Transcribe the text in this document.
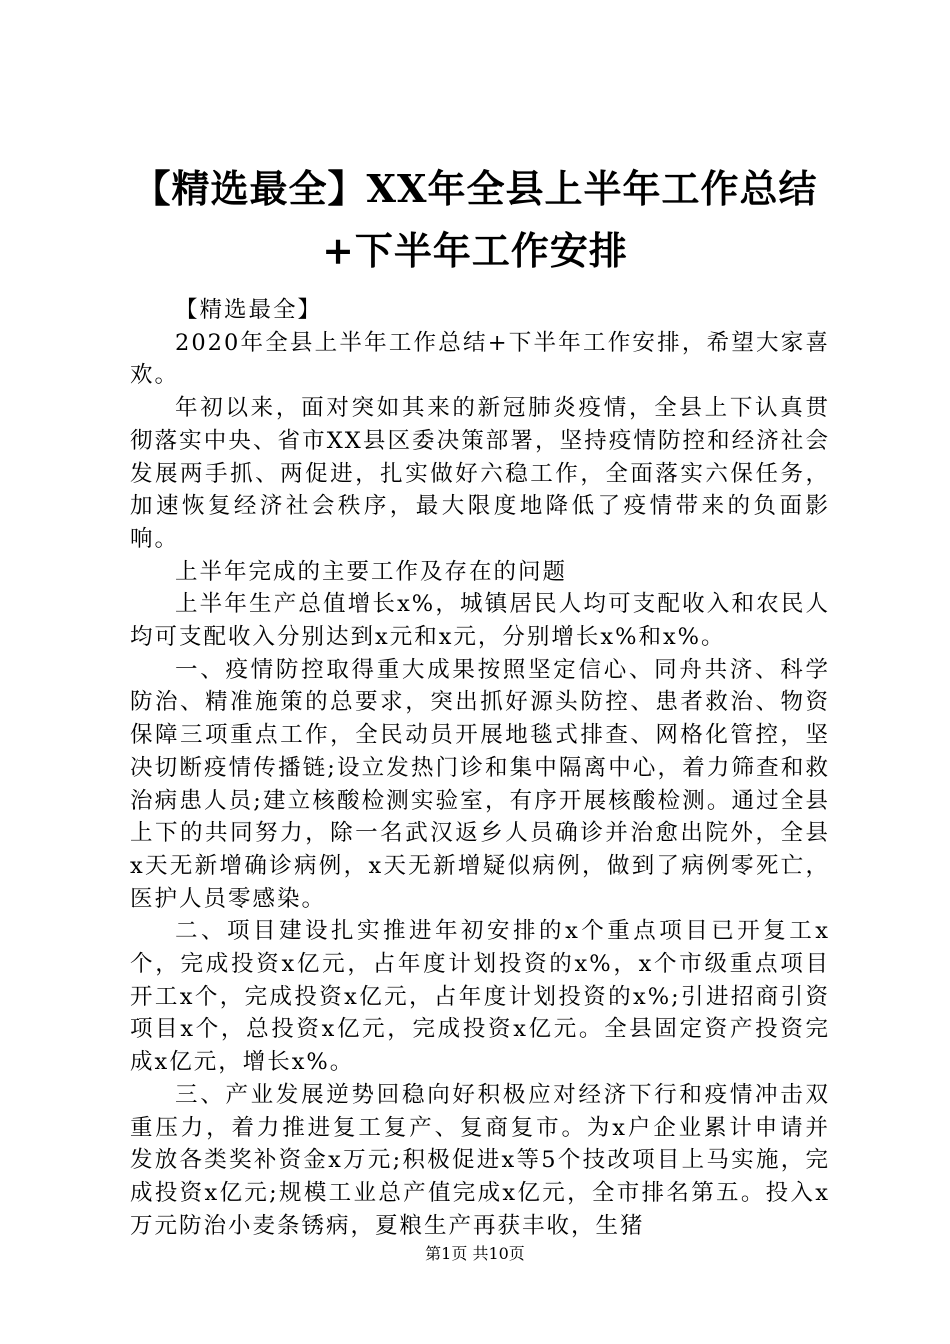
【精选最全】XX年全县上半年工作总结+下半年工作安排

【精选最全】

2020年全县上半年工作总结+下半年工作安排，希望大家喜欢。

年初以来，面对突如其来的新冠肺炎疫情，全县上下认真贯彻落实中央、省市XX县区委决策部署，坚持疫情防控和经济社会发展两手抓、两促进，扎实做好六稳工作，全面落实六保任务，加速恢复经济社会秩序，最大限度地降低了疫情带来的负面影响。

上半年完成的主要工作及存在的问题

上半年生产总值增长x%，城镇居民人均可支配收入和农民人均可支配收入分别达到x元和x元，分别增长x%和x%。

一、疫情防控取得重大成果按照坚定信心、同舟共济、科学防治、精准施策的总要求，突出抓好源头防控、患者救治、物资保障三项重点工作，全民动员开展地毯式排查、网格化管控，坚决切断疫情传播链;设立发热门诊和集中隔离中心，着力筛查和救治病患人员;建立核酸检测实验室，有序开展核酸检测。通过全县上下的共同努力，除一名武汉返乡人员确诊并治愈出院外，全县x天无新增确诊病例，x天无新增疑似病例，做到了病例零死亡，医护人员零感染。

二、项目建设扎实推进年初安排的x个重点项目已开复工x个，完成投资x亿元，占年度计划投资的x%，x个市级重点项目开工x个，完成投资x亿元，占年度计划投资的x%;引进招商引资项目x个，总投资x亿元，完成投资x亿元。全县固定资产投资完成x亿元，增长x%。

三、产业发展逆势回稳向好积极应对经济下行和疫情冲击双重压力，着力推进复工复产、复商复市。为x户企业累计申请并发放各类奖补资金x万元;积极促进x等5个技改项目上马实施，完成投资x亿元;规模工业总产值完成x亿元，全市排名第五。投入x万元防治小麦条锈病，夏粮生产再获丰收，生猪

第1页 共10页
